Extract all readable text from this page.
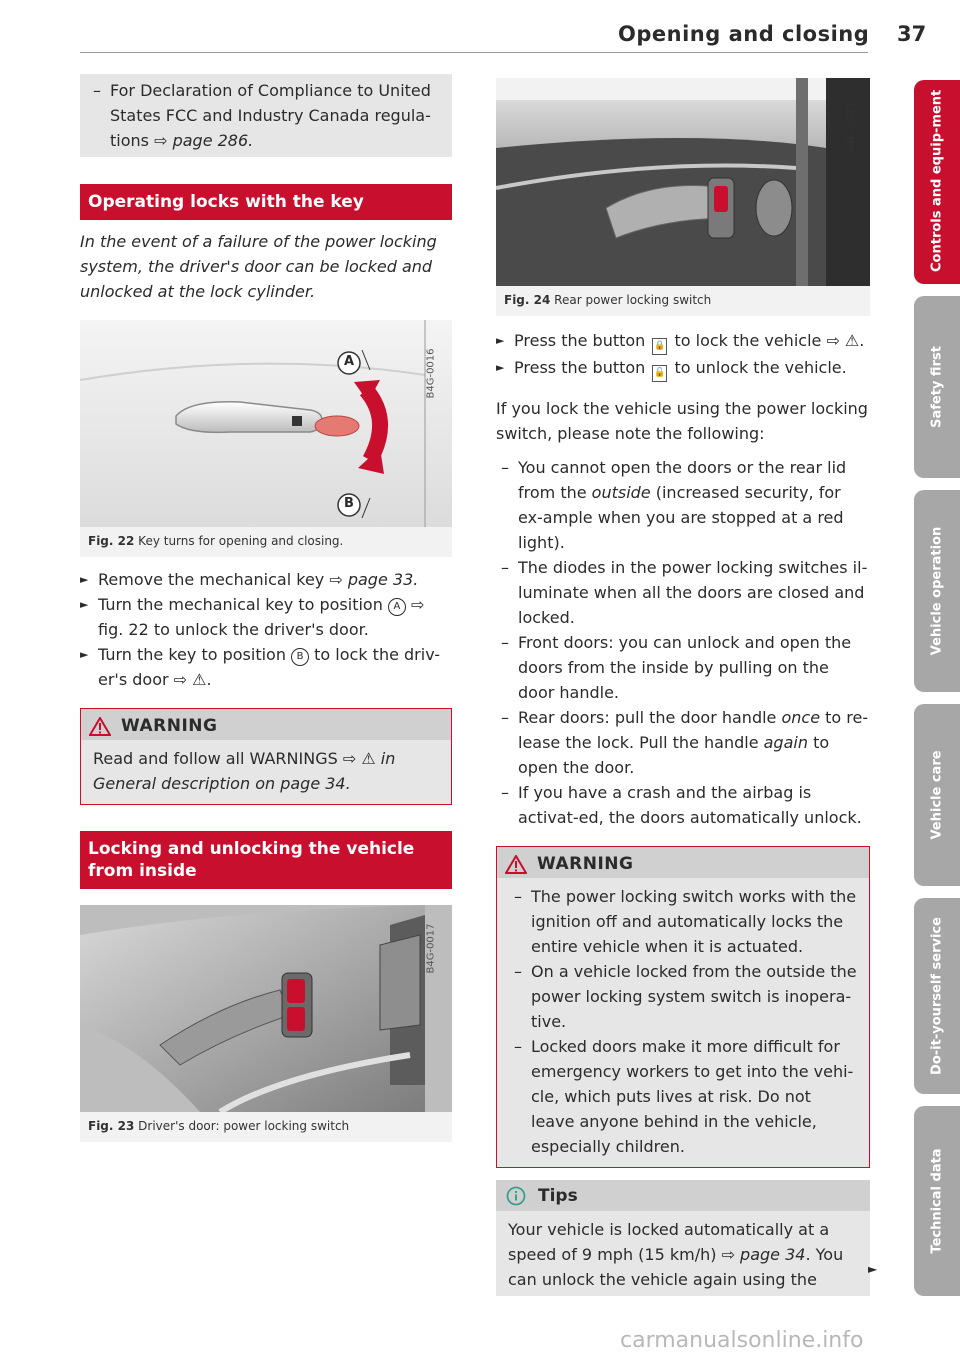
Opening and closing 37
– For Declaration of Compliance to United States FCC and Industry Canada regula-tions ⇨ page 286.
Operating locks with the key

In the event of a failure of the power locking system, the driver's door can be locked and unlocked at the lock cylinder.

A
B
B4G-0016
Fig. 22 Key turns for opening and closing.
► Remove the mechanical key ⇨ page 33.
► Turn the mechanical key to position A ⇨ fig. 22 to unlock the driver's door.
► Turn the key to position B to lock the driv-er's door ⇨ ⚠.
WARNING
Read and follow all WARNINGS ⇨ ⚠ in General description on page 34.
Locking and unlocking the vehicle from inside
B4G-0017
Fig. 23 Driver's door: power locking switch
B4G-0273
Fig. 24 Rear power locking switch
► Press the button 🔒 to lock the vehicle ⇨ ⚠.
► Press the button 🔓 to unlock the vehicle.

If you lock the vehicle using the power locking switch, please note the following:

– You cannot open the doors or the rear lid from the outside (increased security, for ex-ample when you are stopped at a red light).
– The diodes in the power locking switches il-luminate when all the doors are closed and locked.
– Front doors: you can unlock and open the doors from the inside by pulling on the door handle.
– Rear doors: pull the door handle once to re-lease the lock. Pull the handle again to open the door.
– If you have a crash and the airbag is activat-ed, the doors automatically unlock.
WARNING
– The power locking switch works with the ignition off and automatically locks the entire vehicle when it is actuated.
– On a vehicle locked from the outside the power locking system switch is inopera-tive.
– Locked doors make it more difficult for emergency workers to get into the vehi-cle, which puts lives at risk. Do not leave anyone behind in the vehicle, especially children.
Tips
Your vehicle is locked automatically at a speed of 9 mph (15 km/h) ⇨ page 34. You can unlock the vehicle again using the
►
Controls and equip-ment
Safety first
Vehicle operation
Vehicle care
Do-it-yourself service
Technical data
carmanualsonline.info
